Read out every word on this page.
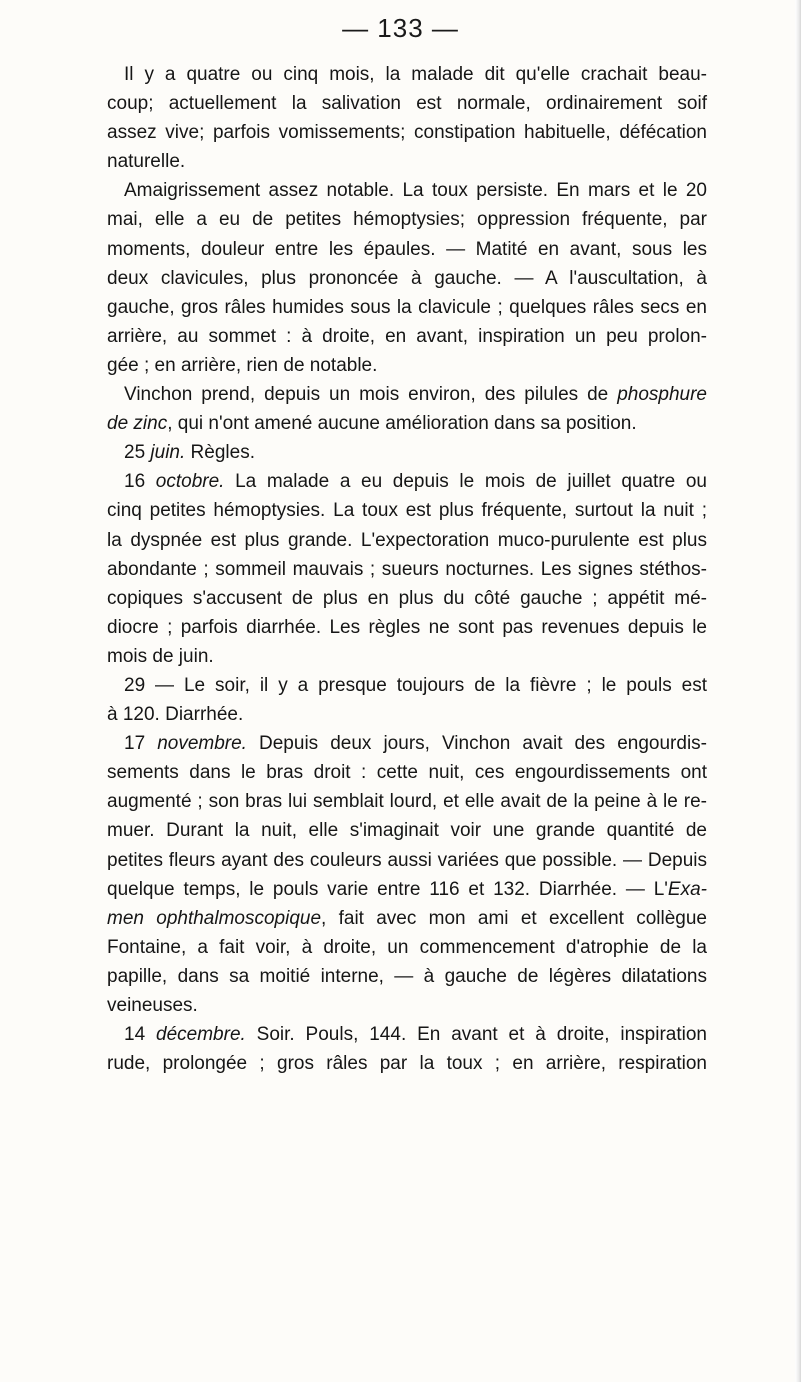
— 133 —
Il y a quatre ou cinq mois, la malade dit qu'elle crachait beau-
coup; actuellement la salivation est normale, ordinairement soif
assez vive; parfois vomissements; constipation habituelle, défécation
naturelle.
Amaigrissement assez notable. La toux persiste. En mars et le 20
mai, elle a eu de petites hémoptysies; oppression fréquente, par
moments, douleur entre les épaules. — Matité en avant, sous les
deux clavicules, plus prononcée à gauche. — A l'auscultation, à
gauche, gros râles humides sous la clavicule ; quelques râles secs en
arrière, au sommet : à droite, en avant, inspiration un peu prolon-
gée ; en arrière, rien de notable.
Vinchon prend, depuis un mois environ, des pilules de phosphure
de zinc, qui n'ont amené aucune amélioration dans sa position.
25 juin. Règles.
16 octobre. La malade a eu depuis le mois de juillet quatre ou
cinq petites hémoptysies. La toux est plus fréquente, surtout la nuit ;
la dyspnée est plus grande. L'expectoration muco-purulente est plus
abondante ; sommeil mauvais ; sueurs nocturnes. Les signes stéthos-
copiques s'accusent de plus en plus du côté gauche ; appétit mé-
diocre ; parfois diarrhée. Les règles ne sont pas revenues depuis le
mois de juin.
29 — Le soir, il y a presque toujours de la fièvre ; le pouls est
à 120. Diarrhée.
17 novembre. Depuis deux jours, Vinchon avait des engourdis-
sements dans le bras droit : cette nuit, ces engourdissements ont
augmenté ; son bras lui semblait lourd, et elle avait de la peine à le re-
muer. Durant la nuit, elle s'imaginait voir une grande quantité de
petites fleurs ayant des couleurs aussi variées que possible. — Depuis
quelque temps, le pouls varie entre 116 et 132. Diarrhée. — L'Exa-
men ophthalmoscopique, fait avec mon ami et excellent collègue
Fontaine, a fait voir, à droite, un commencement d'atrophie de la
papille, dans sa moitié interne, — à gauche de légères dilatations
veineuses.
14 décembre. Soir. Pouls, 144. En avant et à droite, inspiration
rude, prolongée ; gros râles par la toux ; en arrière, respiration
